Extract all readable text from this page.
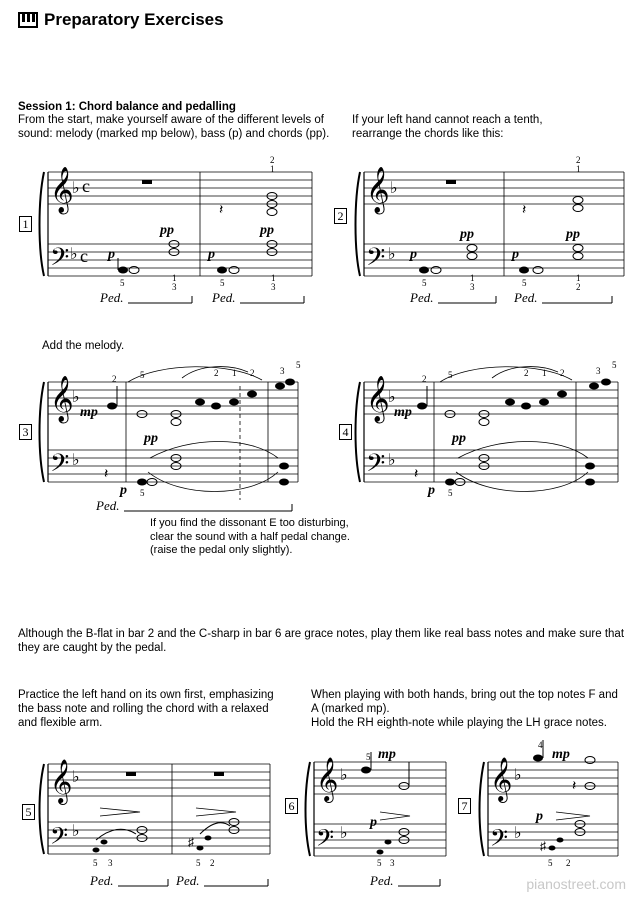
Preparatory Exercises
Session 1: Chord balance and pedalling
From the start, make yourself aware of the different levels of
sound: melody (marked mp below), bass (p) and chords (pp).
If your left hand cannot reach a tenth,
rearrange the chords like this:
Add the melody.
If you find the dissonant E too disturbing,
clear the sound with a half pedal change.
(raise the pedal only slightly).
Although the B-flat in bar 2 and the C-sharp in bar 6 are grace notes, play them like real bass notes and make sure that
they are caught by the pedal.
Practice the left hand on its own first, emphasizing
the bass note and rolling the chord with a relaxed
and flexible arm.
When playing with both hands, bring out the top notes F and
A (marked mp).
Hold the RH eighth-note while playing the LH grace notes.
1
2
3	4
5	6	7
𝄞
𝄢
♭
♭
c
c p
pp
5	1
3
𝄽
2
1
p
pp
5	1
3
Ped.	Ped.
𝄞
𝄢
♭
♭ p
pp
5	1
3
𝄽
2
1
p
pp
5	1
2
Ped.	Ped.
𝄞
𝄢
♭
♭
𝄽
mp
2	5
pp
2 1 2	3
5
p 5
Ped.
𝄞
𝄢
♭
♭
𝄽
mp
2 5
pp
2 1 2	3
5
p 5
𝄞
𝄢
♭
♭
5 3
♯
5 2
Ped.	Ped.
𝄞
𝄢
♭
♭
5 mp
p
5 3
Ped.
𝄞
𝄢
♭
♭
4
mp
𝄽
p
♯
5 2
pianostreet.com
